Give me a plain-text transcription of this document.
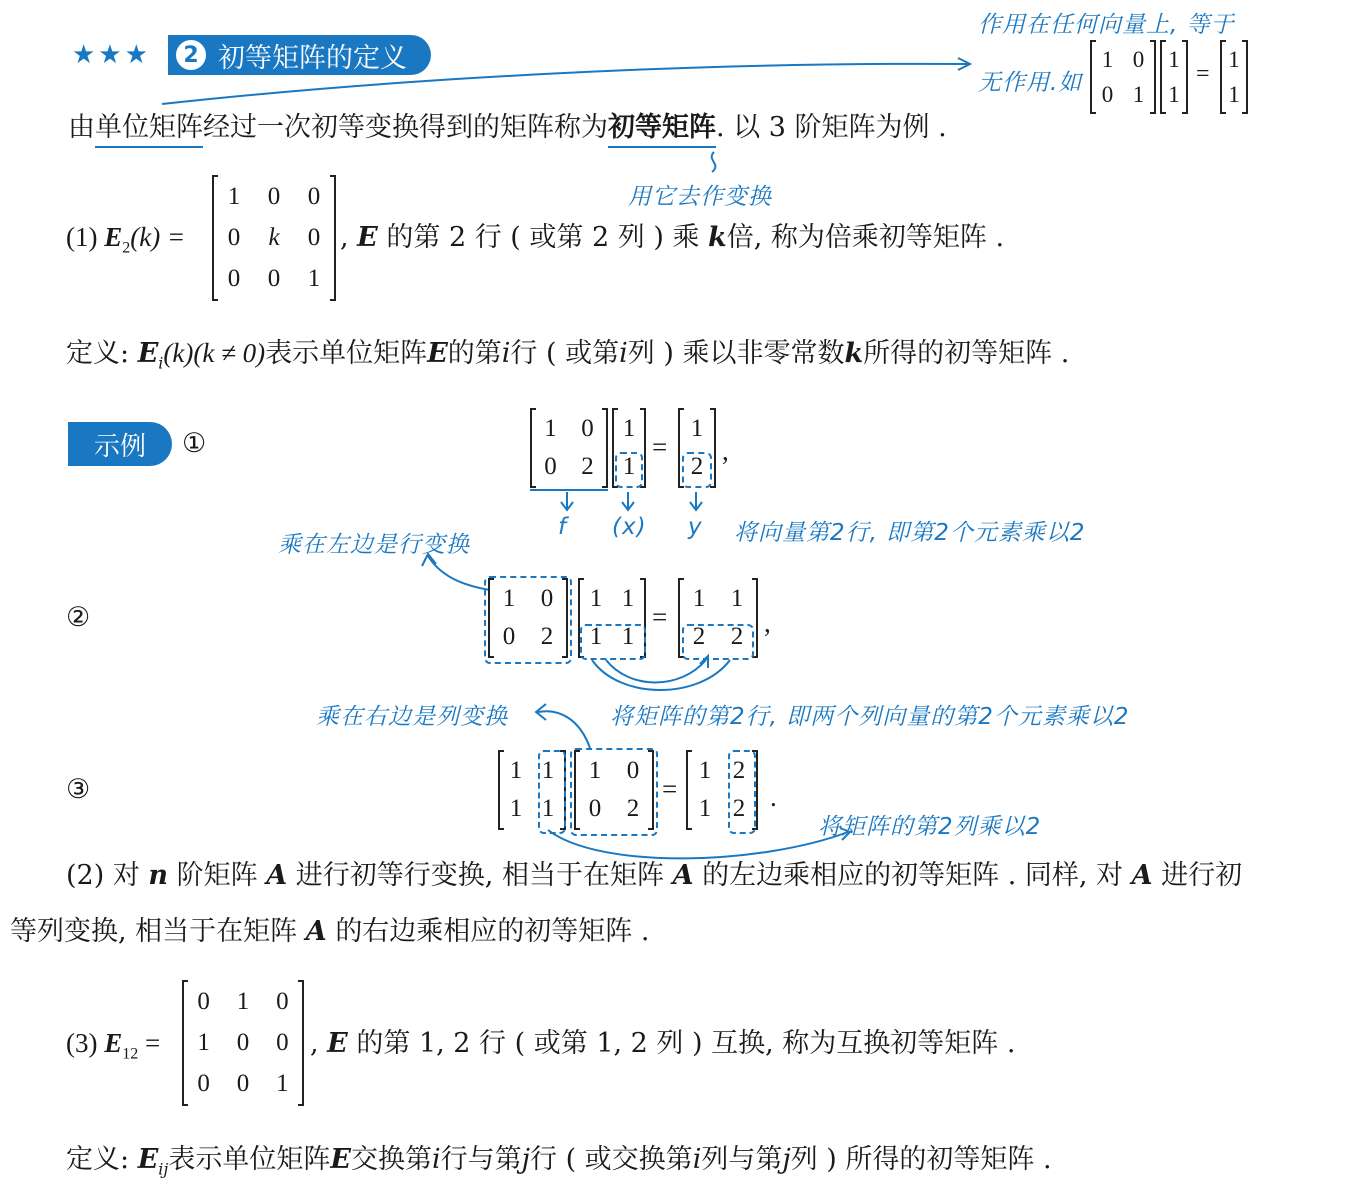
★★★	2 初等矩阵的定义
作用在任何向量上, 等于
无作用.如
1 0
0 1
1
1
=
1
1
由单位矩阵经过一次初等变换得到的矩阵称为初等矩阵. 以 3 阶矩阵为例 .
用它去作变换
(1) $E_2(k)$ =
1	0	0
0	k	0
0	0	1
, E 的第 2 行 ( 或第 2 列 ) 乘 k倍, 称为倍乘初等矩阵 .
定义: $E_i(k)(k \ne 0)$表示单位矩阵E的第i行 ( 或第i列 ) 乘以非零常数k所得的初等矩阵 .
示例	①	1 0
0 2
1
1
=
1
2
,
f (x) y 将向量第2行, 即第2个元素乘以2
乘在左边是行变换
②
1	0
0	2
1 1
1 1
=
1	1
2	2 ,
乘在右边是列变换	将矩阵的第2行, 即两个列向量的第2个元素乘以2
③
1 1
1 1
1	0
0	2
=
1 2
1 2 .
将矩阵的第2列乘以2
(2) 对 n 阶矩阵 A 进行初等行变换, 相当于在矩阵 A 的左边乘相应的初等矩阵 . 同样, 对 A 进行初
等列变换, 相当于在矩阵 A 的右边乘相应的初等矩阵 .
(3) $E_{12}$ =
0	1	0
1	0	0
0	0	1
, E 的第 1, 2 行 ( 或第 1, 2 列 ) 互换, 称为互换初等矩阵 .
定义: $E_{ij}$表示单位矩阵E交换第i行与第j行 ( 或交换第i列与第j列 ) 所得的初等矩阵 .
